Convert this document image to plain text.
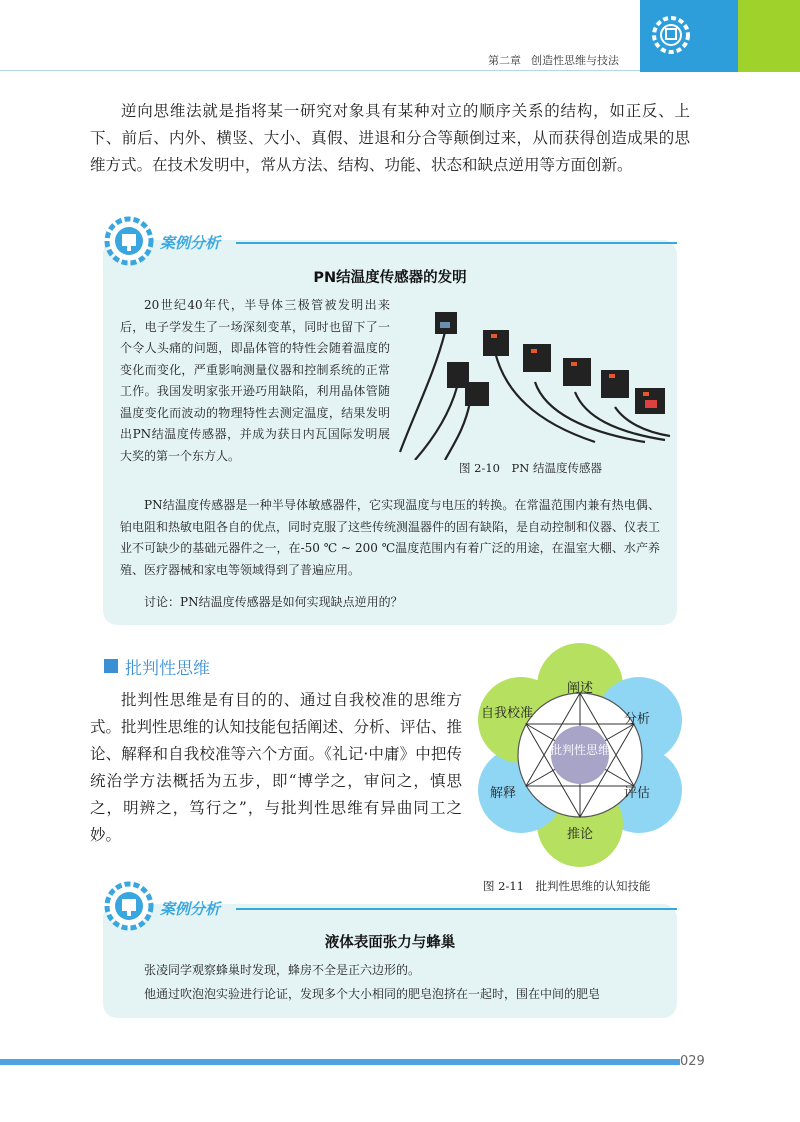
第二章 创造性思维与技法
逆向思维法就是指将某一研究对象具有某种对立的顺序关系的结构，如正反、上下、前后、内外、横竖、大小、真假、进退和分合等颠倒过来，从而获得创造成果的思维方式。在技术发明中，常从方法、结构、功能、状态和缺点逆用等方面创新。
案例分析
PN结温度传感器的发明
20世纪40年代，半导体三极管被发明出来后，电子学发生了一场深刻变革，同时也留下了一个令人头痛的问题，即晶体管的特性会随着温度的变化而变化，严重影响测量仪器和控制系统的正常工作。我国发明家张开逊巧用缺陷，利用晶体管随温度变化而波动的物理特性去测定温度，结果发明出PN结温度传感器，并成为获日内瓦国际发明展大奖的第一个东方人。
图 2-10　PN 结温度传感器
PN结温度传感器是一种半导体敏感器件，它实现温度与电压的转换。在常温范围内兼有热电偶、铂电阻和热敏电阻各自的优点，同时克服了这些传统测温器件的固有缺陷，是自动控制和仪器、仪表工业不可缺少的基础元器件之一，在-50 ℃ ~ 200 ℃温度范围内有着广泛的用途，在温室大棚、水产养殖、医疗器械和家电等领域得到了普遍应用。
讨论：PN结温度传感器是如何实现缺点逆用的？
批判性思维
批判性思维是有目的的、通过自我校准的思维方式。批判性思维的认知技能包括阐述、分析、评估、推论、解释和自我校准等六个方面。《礼记·中庸》中把传统治学方法概括为五步，即“博学之，审问之，慎思之，明辨之，笃行之”，与批判性思维有异曲同工之妙。
批判性思维
阐述
分析
评估
推论
解释
自我校准
图 2-11　批判性思维的认知技能
案例分析
液体表面张力与蜂巢
张凌同学观察蜂巢时发现，蜂房不全是正六边形的。
他通过吹泡泡实验进行论证，发现多个大小相同的肥皂泡挤在一起时，围在中间的肥皂
029
